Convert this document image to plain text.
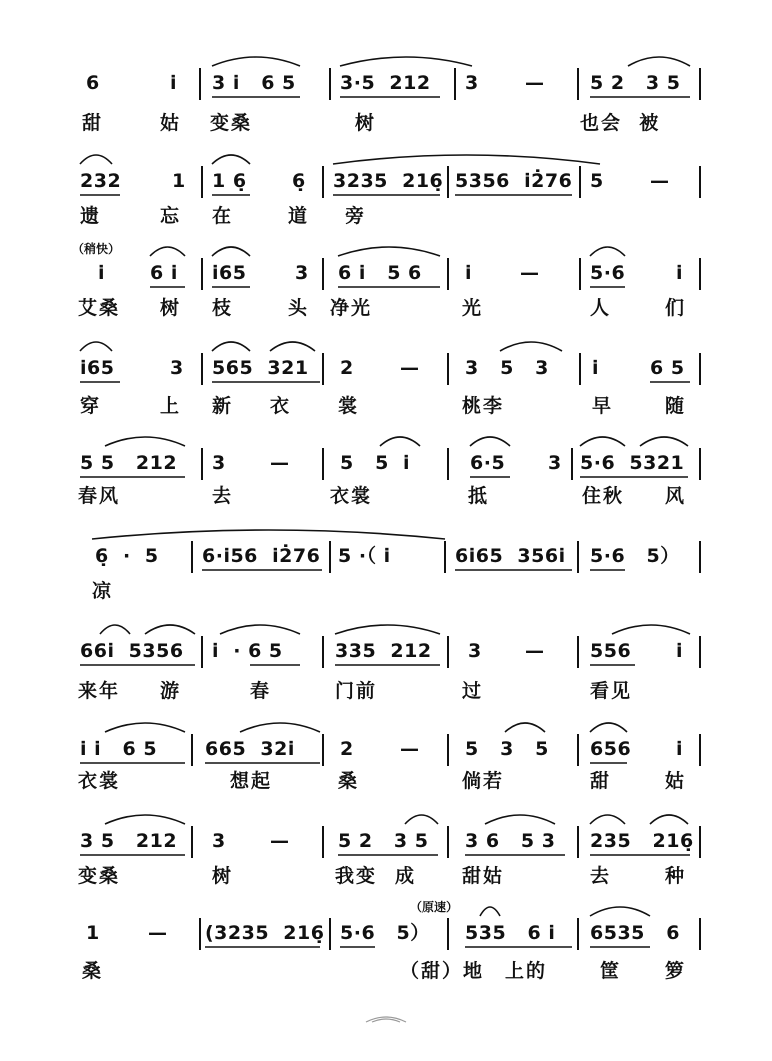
6	i̇ 3 i̇   6 5 3·5  212 3 — 5 2   3 5
甜	姑 变桑	树	也会  被
232	1 1 6̣ 6̣ 3235  216̣ 5356  i̇2̇76 5 —
遗	忘 在	道 旁
i̇ 6 i̇ i̇65	3 6 i̇   5 6 i̇	—	5·6	i̇
艾桑 树 枝	头 净光	光	人	们
（稍快）
i̇65	3 565  321 2 — 3   5   3 i̇	6 5
穿	上 新 衣 裳	桃李	早	随
5 5   212 3 —	5   5  i̇	6·5 3 5·6  5321
春风	去	衣裳	抵	住秋 风
6̣  ·  5 6·i̇56  i̇2̇76 5 ·（ i̇	6i̇65  356i̇ 5·6   5）
凉
66i̇  5356 i̇  · 6 5	335  212 3 — 556 i̇
来年 游	春	门前	过	看见
i̇ i̇   6 5	665  32i̇ 2 — 5   3   5 656 i̇
衣裳	想起	桑	倘若	甜	姑
3 5   212 3 —	5 2   3 5 3 6   5 3 235   216̣
变桑	树	我变 成 甜姑	去	种
1	— (3235  216̣ 5·6   5） 535   6 i̇ 6535   6
桑	（甜）地 上的	筐 箩
（原速）
